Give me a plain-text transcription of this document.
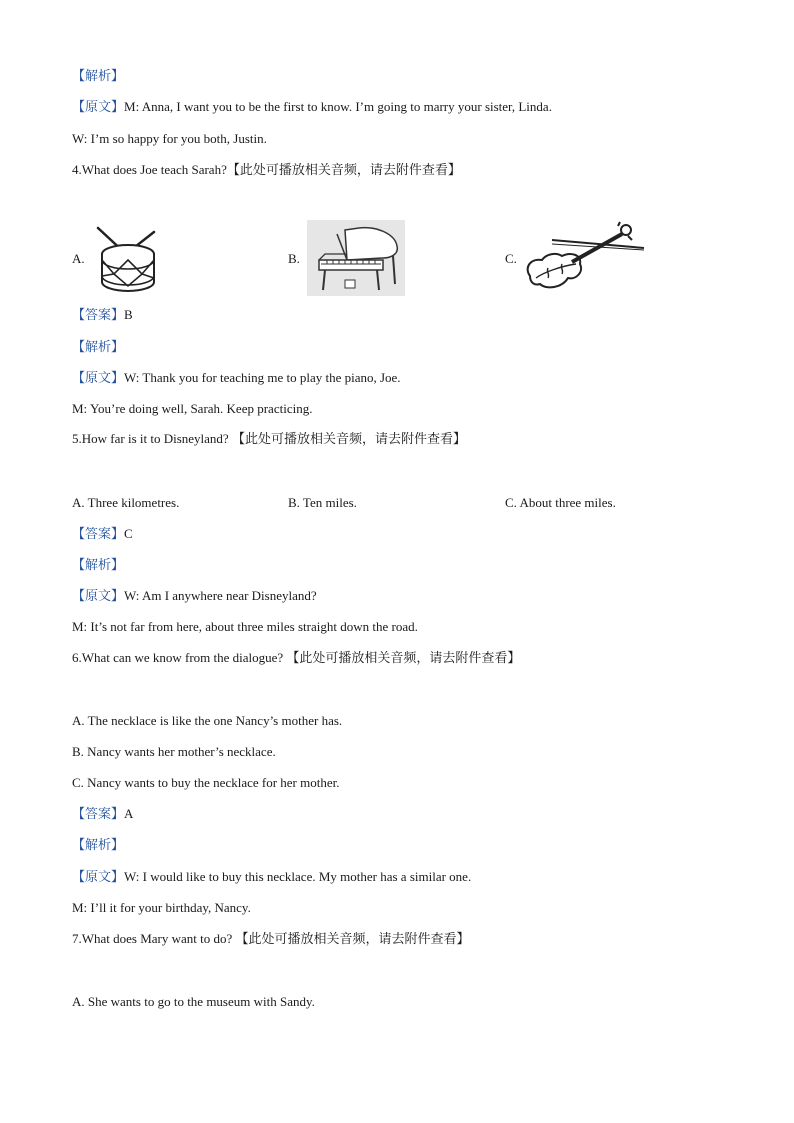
【解析】
【原文】M: Anna, I want you to be the first to know. I’m going to marry your sister, Linda.
W: I’m so happy for you both, Justin.
4.What does Joe teach Sarah?【此处可播放相关音频，请去附件查看】
A.	B.	C.
【答案】B
【解析】
【原文】W: Thank you for teaching me to play the piano, Joe.
M: You’re doing well, Sarah. Keep practicing.
5.How far is it to Disneyland? 【此处可播放相关音频，请去附件查看】
A. Three kilometres.	B. Ten miles.	C. About three miles.
【答案】C
【解析】
【原文】W: Am I anywhere near Disneyland?
M: It’s not far from here, about three miles straight down the road.
6.What can we know from the dialogue? 【此处可播放相关音频，请去附件查看】
A. The necklace is like the one Nancy’s mother has.
B. Nancy wants her mother’s necklace.
C. Nancy wants to buy the necklace for her mother.
【答案】A
【解析】
【原文】W: I would like to buy this necklace. My mother has a similar one.
M: I’ll it for your birthday, Nancy.
7.What does Mary want to do? 【此处可播放相关音频，请去附件查看】
A. She wants to go to the museum with Sandy.
